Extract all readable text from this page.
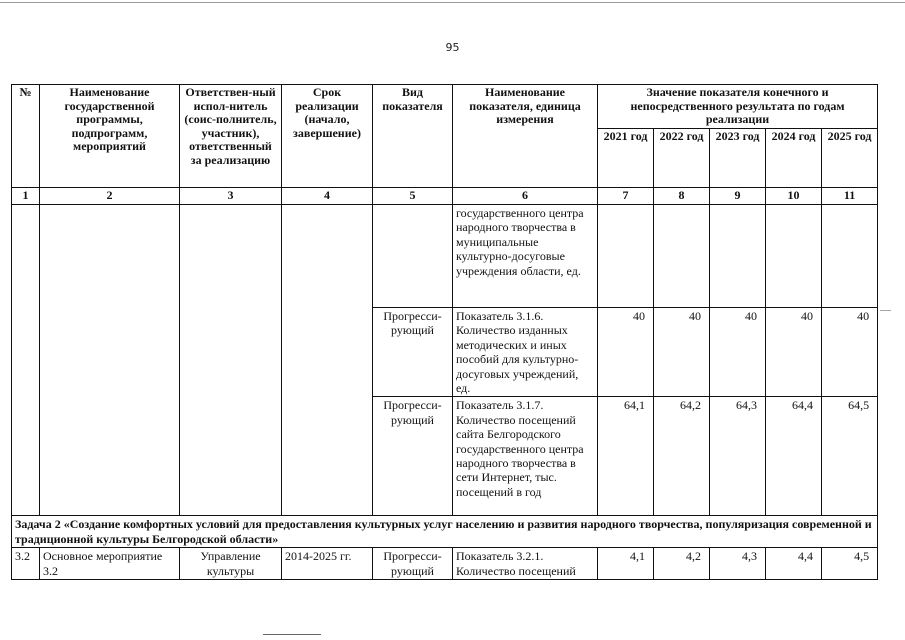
95
—
№	Наименование государственной программы, подпрограмм, мероприятий	Ответствен-ный испол-нитель (соис-полнитель, участник), ответственный за реализацию	Срок реализации (начало, завершение)	Вид показателя	Наименование показателя, единица измерения	Значение показателя конечного и непосредственного результата по годам реализации				
						2021 год	2022 год	2023 год	2024 год	2025 год
1	2	3	4	5	6	7	8	9	10	11
					государственного центра народного творчества в муниципальные культурно-досуговые учреждения области, ед.					
				Прогресси-рующий	Показатель 3.1.6. Количество изданных методических и иных пособий для культурно-досуговых учреждений, ед.	40	40	40	40	40
				Прогресси-рующий	Показатель 3.1.7. Количество посещений сайта Белгородского государственного центра народного творчества в сети Интернет, тыс. посещений в год	64,1	64,2	64,3	64,4	64,5
Задача 2 «Создание комфортных условий для предоставления культурных услуг населению и развития народного творчества, популяризация современной и традиционной культуры Белгородской области»										
3.2	Основное мероприятие 3.2	Управление культуры	2014-2025 гг.	Прогресси-рующий	Показатель 3.2.1. Количество посещений	4,1	4,2	4,3	4,4	4,5
